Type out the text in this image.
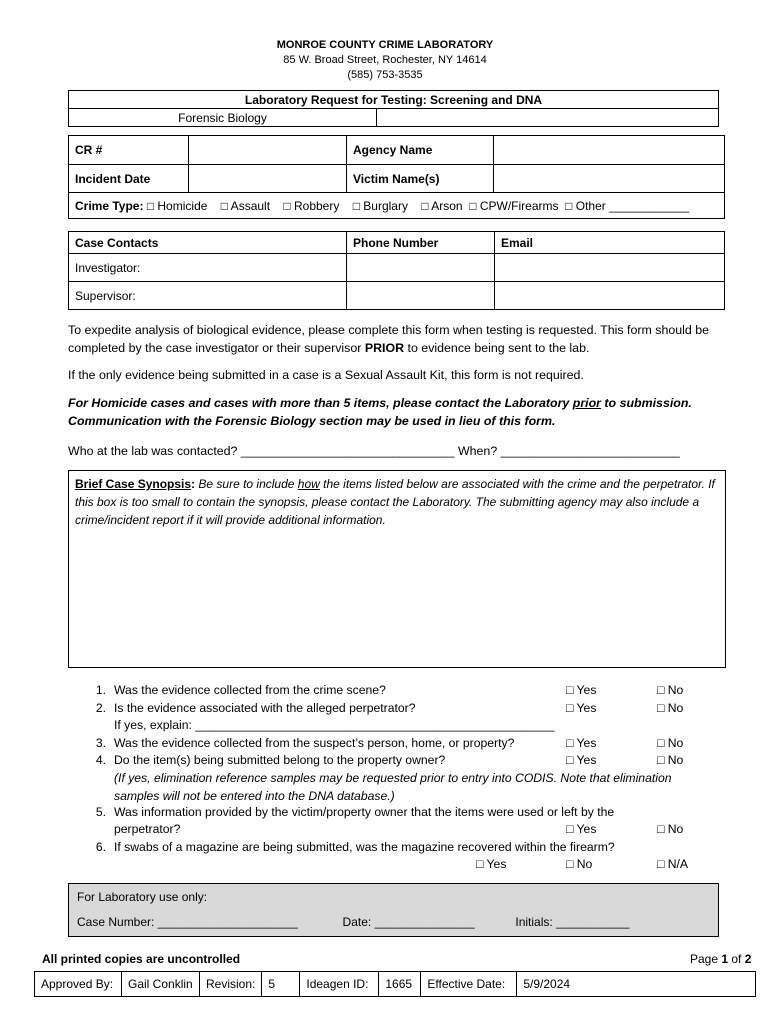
MONROE COUNTY CRIME LABORATORY
85 W. Broad Street, Rochester, NY 14614
(585) 753-3535
Laboratory Request for Testing: Screening and DNA
Forensic Biology	
CR #		Agency Name	
Incident Date		Victim Name(s)	
Crime Type: □ Homicide □ Assault □ Robbery □ Burglary □ Arson □ CPW/Firearms □ Other ____________			
Case Contacts	Phone Number	Email
Investigator:		
Supervisor:		
To expedite analysis of biological evidence, please complete this form when testing is requested. This form should be completed by the case investigator or their supervisor PRIOR to evidence being sent to the lab.
If the only evidence being submitted in a case is a Sexual Assault Kit, this form is not required.
For Homicide cases and cases with more than 5 items, please contact the Laboratory prior to submission.
Communication with the Forensic Biology section may be used in lieu of this form.
Who at the lab was contacted? _______________________________ When? __________________________
Brief Case Synopsis: Be sure to include how the items listed below are associated with the crime and the perpetrator. If this box is too small to contain the synopsis, please contact the Laboratory. The submitting agency may also include a crime/incident report if it will provide additional information.
1. Was the evidence collected from the crime scene?	□ Yes	□ No
2. Is the evidence associated with the alleged perpetrator?	□ Yes	□ No
If yes, explain: _____________________________________________________
3. Was the evidence collected from the suspect’s person, home, or property?	□ Yes	□ No
4. Do the item(s) being submitted belong to the property owner?	□ Yes	□ No
(If yes, elimination reference samples may be requested prior to entry into CODIS. Note that elimination samples will not be entered into the DNA database.)
5. Was information provided by the victim/property owner that the items were used or left by the
perpetrator?	□ Yes	□ No
6. If swabs of a magazine are being submitted, was the magazine recovered within the firearm?
□ Yes	□ No	□ N/A
For Laboratory use only:
Case Number: _____________________	Date: _______________	Initials: ___________
All printed copies are uncontrolled	Page 1 of 2
Approved By:	Gail Conklin	Revision:	5	Ideagen ID:	1665	Effective Date:	5/9/2024
